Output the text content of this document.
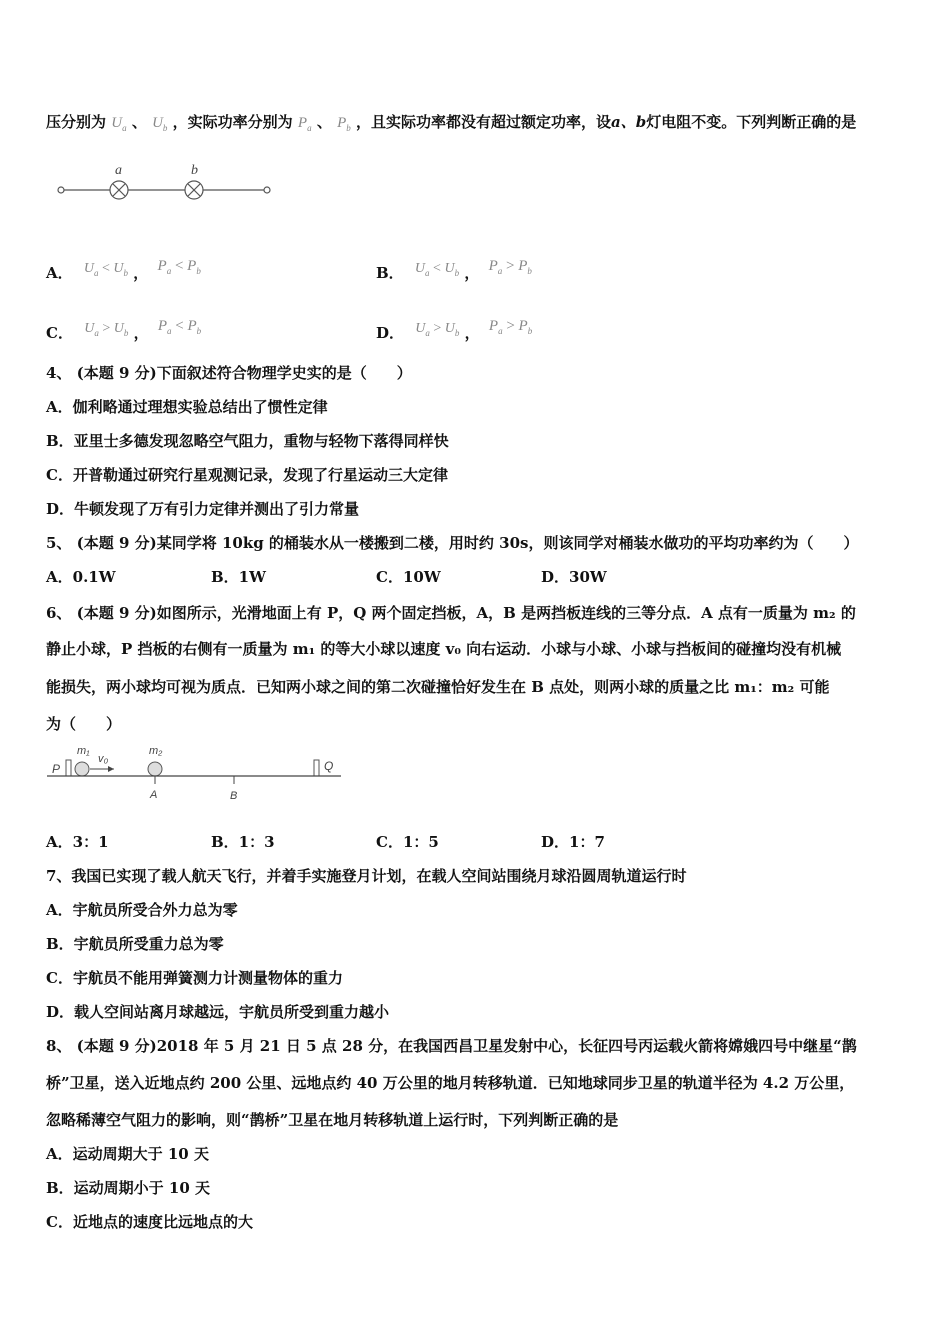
压分别为 $U_a$ 、 $U_b$ ，实际功率分别为 $P_a$ 、 $P_b$ ，且实际功率都没有超过额定功率，设a、b灯电阻不变。下列判断正确的是
a	b
A． $U_a < U_b$ ， $P_a < P_b$	B． $U_a < U_b$ ， $P_a > P_b$
C． $U_a > U_b$ ， $P_a < P_b$	D． $U_a > U_b$ ， $P_a > P_b$
4、 (本题 9 分)下面叙述符合物理学史实的是（　　）
A．伽利略通过理想实验总结出了惯性定律
B．亚里士多德发现忽略空气阻力，重物与轻物下落得同样快
C．开普勒通过研究行星观测记录，发现了行星运动三大定律
D．牛顿发现了万有引力定律并测出了引力常量
5、 (本题 9 分)某同学将 10kg 的桶装水从一楼搬到二楼，用时约 30s，则该同学对桶装水做功的平均功率约为（　　）
A．0.1W	B．1W	C．10W	D．30W
6、 (本题 9 分)如图所示，光滑地面上有 P，Q 两个固定挡板，A，B 是两挡板连线的三等分点．A 点有一质量为 m₂ 的
静止小球，P 挡板的右侧有一质量为 m₁ 的等大小球以速度 v₀ 向右运动．小球与小球、小球与挡板间的碰撞均没有机械
能损失，两小球均可视为质点．已知两小球之间的第二次碰撞恰好发生在 B 点处，则两小球的质量之比 m₁：m₂ 可能
为（　　）
P
m₁
v₀
m₂
Q
A	B
A．3：1	B．1：3	C．1：5	D．1：7
7、我国已实现了载人航天飞行，并着手实施登月计划，在载人空间站围绕月球沿圆周轨道运行时
A．宇航员所受合外力总为零
B．宇航员所受重力总为零
C．宇航员不能用弹簧测力计测量物体的重力
D．载人空间站离月球越远，宇航员所受到重力越小
8、 (本题 9 分)2018 年 5 月 21 日 5 点 28 分，在我国西昌卫星发射中心，长征四号丙运载火箭将嫦娥四号中继星“鹊
桥”卫星，送入近地点约 200 公里、远地点约 40 万公里的地月转移轨道．已知地球同步卫星的轨道半径为 4.2 万公里，
忽略稀薄空气阻力的影响，则“鹊桥”卫星在地月转移轨道上运行时，下列判断正确的是
A．运动周期大于 10 天
B．运动周期小于 10 天
C．近地点的速度比远地点的大
